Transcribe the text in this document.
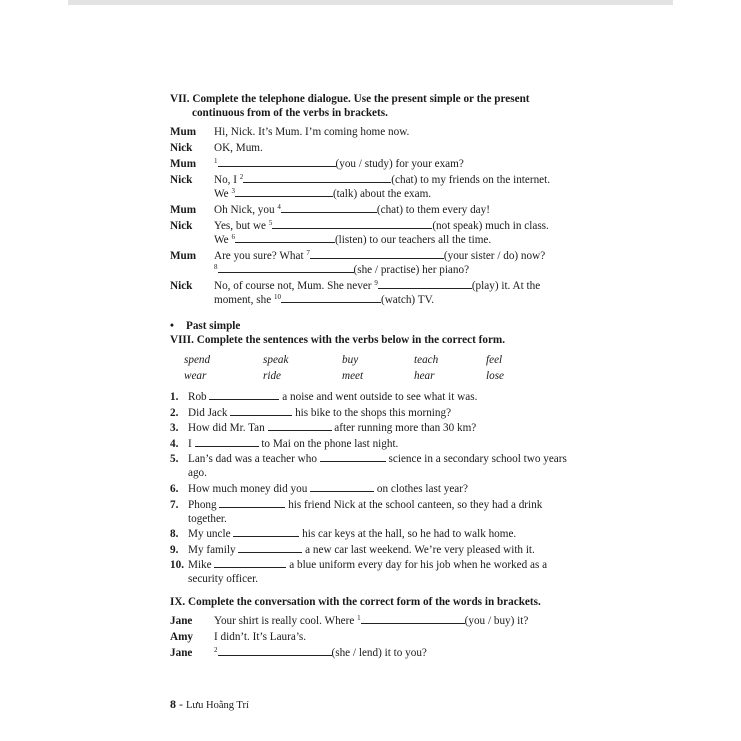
VII. Complete the telephone dialogue. Use the present simple or the present
continuous from of the verbs in brackets.
Mum	Hi, Nick. It’s Mum. I’m coming home now.
Nick	OK, Mum.
Mum	$^1$	(you / study) for your exam?
Nick	No, I $^2$	(chat) to my friends on the internet.
We $^3$	(talk) about the exam.
Mum	Oh Nick, you $^4$	(chat) to them every day!
Nick	Yes, but we $^5$	(not speak) much in class.
We $^6$	(listen) to our teachers all the time.
Mum	Are you sure? What $^7$	(your sister / do) now?
$^8$	(she / practise) her piano?
Nick	No, of course not, Mum. She never $^9$	(play) it. At the
moment, she $^{10}$	(watch) TV.
• Past simple
VIII. Complete the sentences with the verbs below in the correct form.
spend	speak	buy	teach	feel
wear	ride	meet	hear	lose
1. Rob	a noise and went outside to see what it was.
2. Did Jack	his bike to the shops this morning?
3. How did Mr. Tan	after running more than 30 km?
4. I	to Mai on the phone last night.
5. Lan’s dad was a teacher who	science in a secondary school two years ago.
6. How much money did you	on clothes last year?
7. Phong	his friend Nick at the school canteen, so they had a drink together.
8. My uncle	his car keys at the hall, so he had to walk home.
9. My family	a new car last weekend. We’re very pleased with it.
10. Mike	a blue uniform every day for his job when he worked as a security officer.
IX. Complete the conversation with the correct form of the words in brackets.
Jane	Your shirt is really cool. Where $^1$	(you / buy) it?
Amy	I didn’t. It’s Laura’s.
Jane	$^2$	(she / lend) it to you?
8 - Lưu Hoằng Trí
